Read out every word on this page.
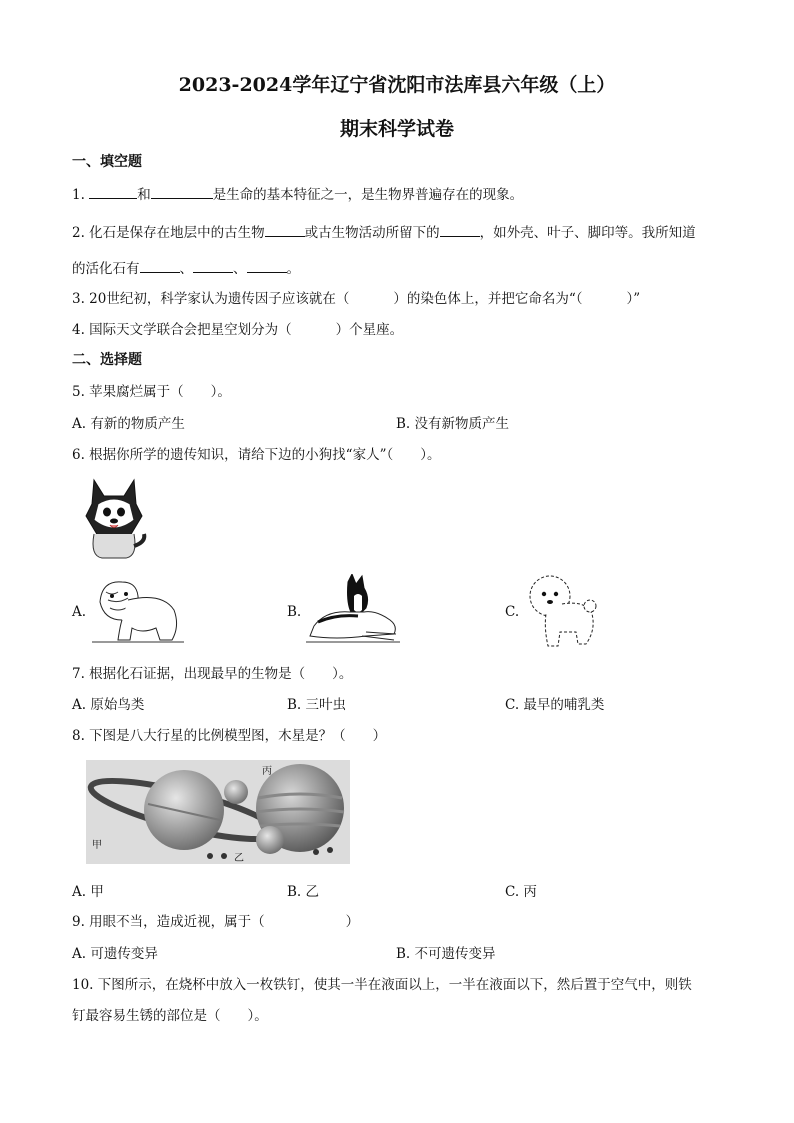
2023-2024学年辽宁省沈阳市法库县六年级（上）
期末科学试卷
一、填空题
1.	和	是生命的基本特征之一，是生物界普遍存在的现象。
2. 化石是保存在地层中的古生物	或古生物活动所留下的	，如外壳、叶子、脚印等。我所知道
的活化石有	、	、	。
3. 20世纪初，科学家认为遗传因子应该就在（	）的染色体上，并把它命名为“（	）”
4. 国际天文学联合会把星空划分为（	）个星座。
二、选择题
5. 苹果腐烂属于（　　）。
A. 有新的物质产生	B. 没有新物质产生
6. 根据你所学的遗传知识，请给下边的小狗找“家人”（　　）。
A.	B.	C.
7. 根据化石证据，出现最早的生物是（　　）。
A. 原始鸟类	B. 三叶虫	C. 最早的哺乳类
8. 下图是八大行星的比例模型图，木星是？（　　）
甲
乙
丙
A. 甲	B. 乙	C. 丙
9. 用眼不当，造成近视，属于（　　　　　　）
A. 可遗传变异	B. 不可遗传变异
10. 下图所示，在烧杯中放入一枚铁钉，使其一半在液面以上，一半在液面以下，然后置于空气中，则铁
钉最容易生锈的部位是（　　）。
